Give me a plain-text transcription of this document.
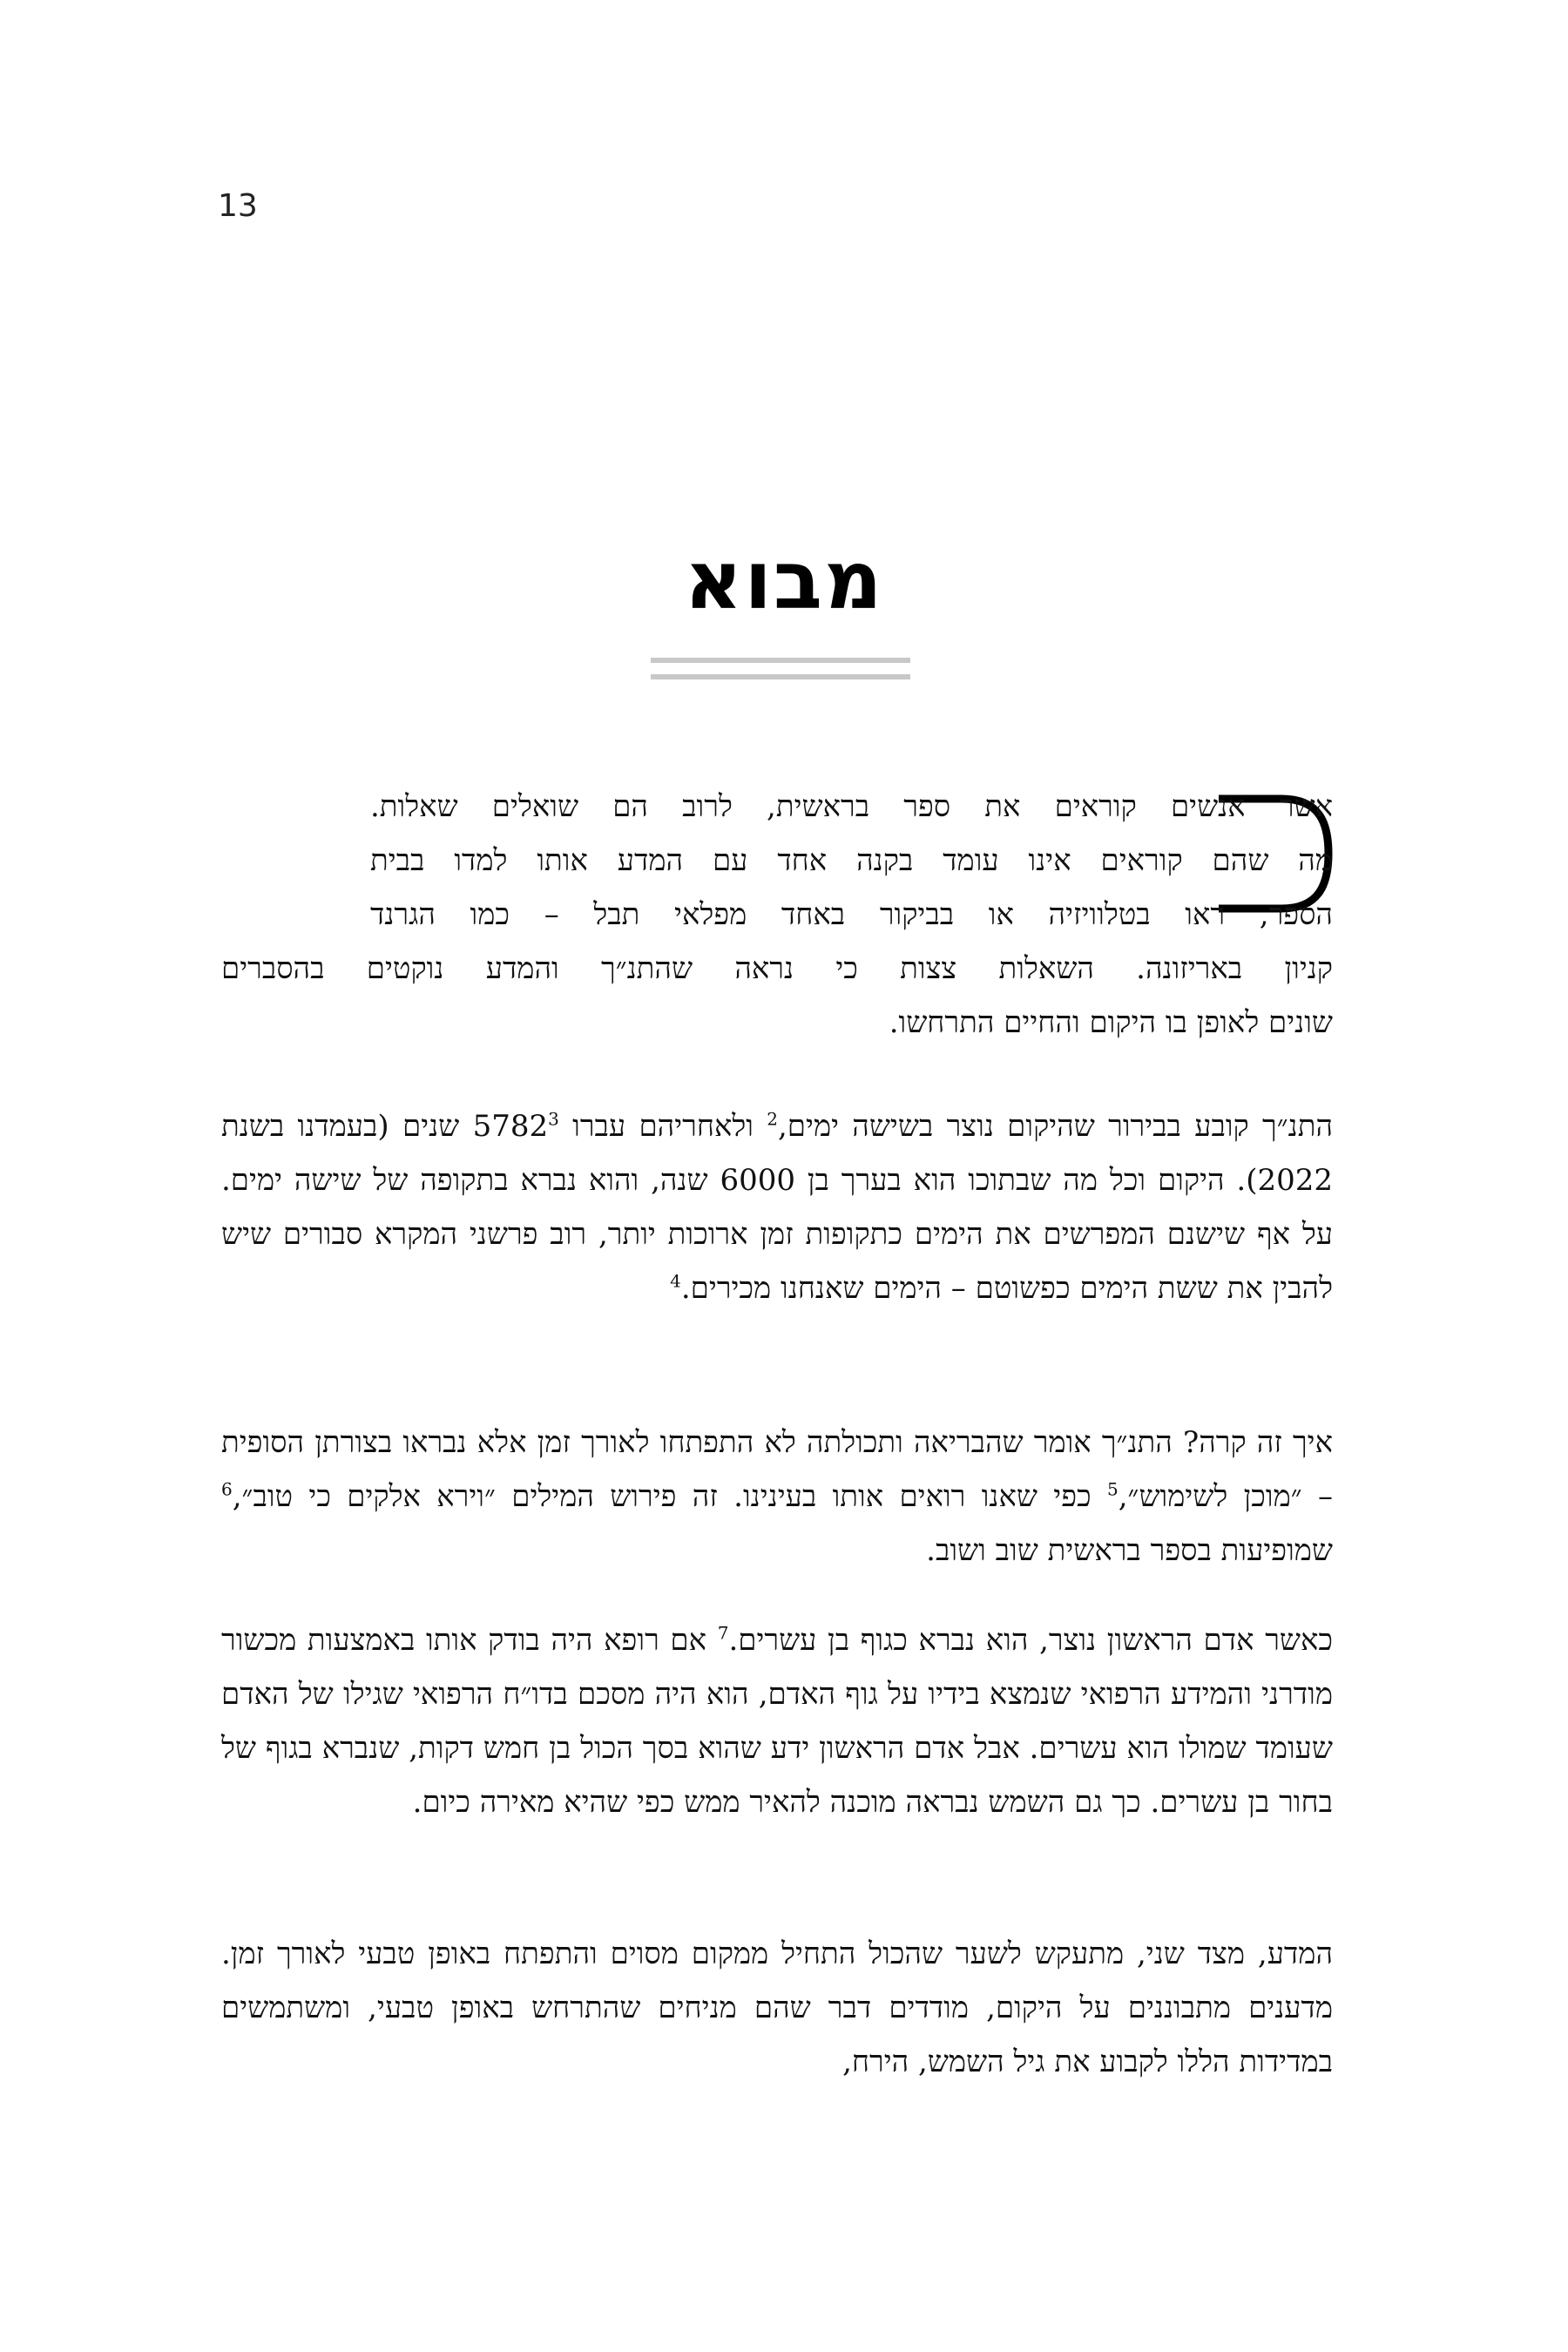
13
מבוא
אשר אנשים קוראים את ספר בראשית, לרוב הם שואלים שאלות.
מה שהם קוראים אינו עומד בקנה אחד עם המדע אותו למדו בבית
הספר, ראו בטלוויזיה או בביקור באחד מפלאי תבל – כמו הגרנד
קניון באריזונה. השאלות צצות כי נראה שהתנ״ך והמדע נוקטים בהסברים
שונים לאופן בו היקום והחיים התרחשו.

התנ״ך קובע בבירור שהיקום נוצר בשישה ימים,$^2$ ולאחריהם עברו 5782$^3$ שנים (בעמדנו בשנת 2022). היקום וכל מה שבתוכו הוא בערך בן 6000 שנה, והוא נברא בתקופה של שישה ימים. על אף שישנם המפרשים את הימים כתקופות זמן ארוכות יותר, רוב פרשני המקרא סבורים שיש להבין את ששת הימים כפשוטם – הימים שאנחנו מכירים.$^4$

איך זה קרה? התנ״ך אומר שהבריאה ותכולתה לא התפתחו לאורך זמן אלא נבראו בצורתן הסופית – ״מוכן לשימוש״,$^5$ כפי שאנו רואים אותו בעינינו. זה פירוש המילים ״וירא אלקים כי טוב״,$^6$ שמופיעות בספר בראשית שוב ושוב.

כאשר אדם הראשון נוצר, הוא נברא כגוף בן עשרים.$^7$ אם רופא היה בודק אותו באמצעות מכשור מודרני והמידע הרפואי שנמצא בידיו על גוף האדם, הוא היה מסכם בדו״ח הרפואי שגילו של האדם שעומד שמולו הוא עשרים. אבל אדם הראשון ידע שהוא בסך הכול בן חמש דקות, שנברא בגוף של בחור בן עשרים. כך גם השמש נבראה מוכנה להאיר ממש כפי שהיא מאירה כיום.

המדע, מצד שני, מתעקש לשער שהכול התחיל ממקום מסוים והתפתח באופן טבעי לאורך זמן. מדענים מתבוננים על היקום, מודדים דבר שהם מניחים שהתרחש באופן טבעי, ומשתמשים במדידות הללו לקבוע את גיל השמש, הירח,
